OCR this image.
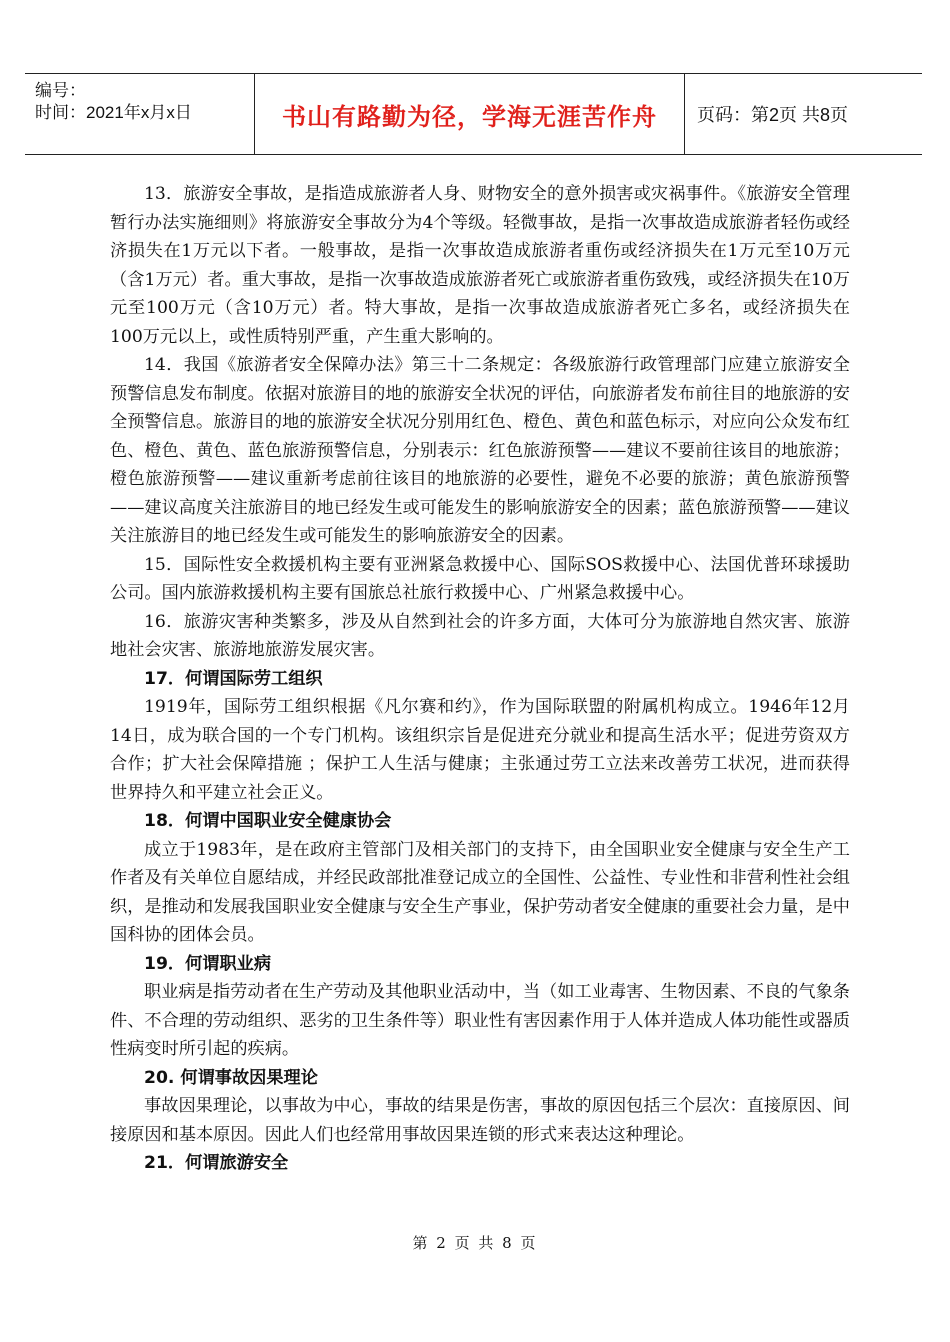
编号：
时间：2021年x月x日	书山有路勤为径，学海无涯苦作舟	页码：第2页 共8页

13．旅游安全事故，是指造成旅游者人身、财物安全的意外损害或灾祸事件。《旅游安全管理暂行办法实施细则》将旅游安全事故分为4个等级。轻微事故，是指一次事故造成旅游者轻伤或经济损失在1万元以下者。一般事故，是指一次事故造成旅游者重伤或经济损失在1万元至10万元（含1万元）者。重大事故，是指一次事故造成旅游者死亡或旅游者重伤致残，或经济损失在10万元至100万元（含10万元）者。特大事故，是指一次事故造成旅游者死亡多名，或经济损失在100万元以上，或性质特别严重，产生重大影响的。

14．我国《旅游者安全保障办法》第三十二条规定：各级旅游行政管理部门应建立旅游安全预警信息发布制度。依据对旅游目的地的旅游安全状况的评估，向旅游者发布前往目的地旅游的安全预警信息。旅游目的地的旅游安全状况分别用红色、橙色、黄色和蓝色标示，对应向公众发布红色、橙色、黄色、蓝色旅游预警信息，分别表示：红色旅游预警——建议不要前往该目的地旅游；橙色旅游预警——建议重新考虑前往该目的地旅游的必要性，避免不必要的旅游；黄色旅游预警——建议高度关注旅游目的地已经发生或可能发生的影响旅游安全的因素；蓝色旅游预警——建议关注旅游目的地已经发生或可能发生的影响旅游安全的因素。

15．国际性安全救援机构主要有亚洲紧急救援中心、国际SOS救援中心、法国优普环球援助公司。国内旅游救援机构主要有国旅总社旅行救援中心、广州紧急救援中心。

16．旅游灾害种类繁多，涉及从自然到社会的许多方面，大体可分为旅游地自然灾害、旅游地社会灾害、旅游地旅游发展灾害。

17．何谓国际劳工组织

1919年，国际劳工组织根据《凡尔赛和约》，作为国际联盟的附属机构成立。1946年12月14日，成为联合国的一个专门机构。该组织宗旨是促进充分就业和提高生活水平；促进劳资双方合作；扩大社会保障措施 ；保护工人生活与健康；主张通过劳工立法来改善劳工状况，进而获得世界持久和平建立社会正义。

18．何谓中国职业安全健康协会

成立于1983年，是在政府主管部门及相关部门的支持下，由全国职业安全健康与安全生产工作者及有关单位自愿结成，并经民政部批准登记成立的全国性、公益性、专业性和非营利性社会组织，是推动和发展我国职业安全健康与安全生产事业，保护劳动者安全健康的重要社会力量，是中国科协的团体会员。

19．何谓职业病

职业病是指劳动者在生产劳动及其他职业活动中，当（如工业毒害、生物因素、不良的气象条件、不合理的劳动组织、恶劣的卫生条件等）职业性有害因素作用于人体并造成人体功能性或器质性病变时所引起的疾病。

20. 何谓事故因果理论

事故因果理论，以事故为中心，事故的结果是伤害，事故的原因包括三个层次：直接原因、间接原因和基本原因。因此人们也经常用事故因果连锁的形式来表达这种理论。

21．何谓旅游安全

第 2 页 共 8 页
